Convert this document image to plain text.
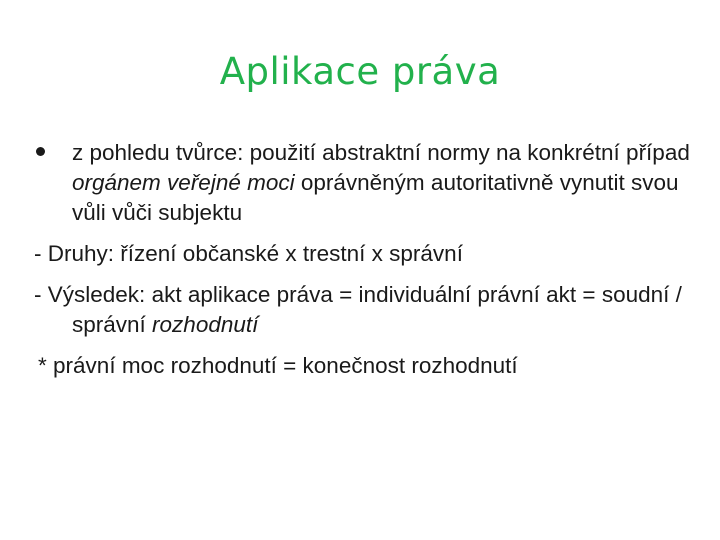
Aplikace práva

z pohledu tvůrce: použití abstraktní normy na konkrétní případ orgánem veřejné moci oprávněným autoritativně vynutit svou vůli vůči subjektu

- Druhy: řízení občanské x trestní x správní

- Výsledek: akt aplikace práva = individuální právní akt = soudní / správní rozhodnutí

* právní moc rozhodnutí = konečnost rozhodnutí
